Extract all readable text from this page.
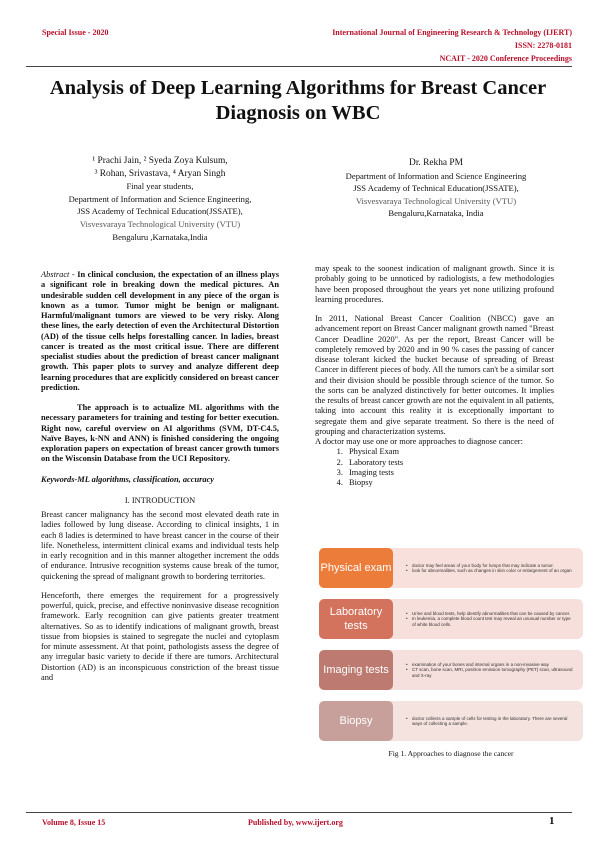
Special Issue - 2020	International Journal of Engineering Research & Technology (IJERT)
ISSN: 2278-0181
NCAIT - 2020 Conference Proceedings
Analysis of Deep Learning Algorithms for Breast Cancer Diagnosis on WBC
¹ Prachi Jain, ² Syeda Zoya Kulsum,
³ Rohan, Srivastava, ⁴ Aryan Singh
Final year students,
Department of Information and Science Engineering,
JSS Academy of Technical Education(JSSATE),
Visvesvaraya Technological University (VTU)
Bengaluru ,Karnataka,India
Dr. Rekha PM
Department of Information and Science Engineering
JSS Academy of Technical Education(JSSATE),
Visvesvaraya Technological University (VTU)
Bengaluru,Karnataka, India

Abstract - In clinical conclusion, the expectation of an illness plays a significant role in breaking down the medical pictures. An undesirable sudden cell development in any piece of the organ is known as a tumor. Tumor might be benign or malignant. Harmful/malignant tumors are viewed to be very risky. Along these lines, the early detection of even the Architectural Distortion (AD) of the tissue cells helps forestalling cancer. In ladies, breast cancer is treated as the most critical issue. There are different specialist studies about the prediction of breast cancer malignant growth. This paper plots to survey and analyze different deep learning procedures that are explicitly considered on breast cancer prediction.

The approach is to actualize ML algorithms with the necessary parameters for training and testing for better execution. Right now, careful overview on AI algorithms (SVM, DT-C4.5, Naïve Bayes, k-NN and ANN) is finished considering the ongoing exploration papers on expectation of breast cancer growth tumors on the Wisconsin Database from the UCI Repository.

Keywords-ML algorithms, classification, accuracy

I. INTRODUCTION

Breast cancer malignancy has the second most elevated death rate in ladies followed by lung disease. According to clinical insights, 1 in each 8 ladies is determined to have breast cancer in the course of their life. Nonetheless, intermittent clinical exams and individual tests help in early recognition and in this manner altogether increment the odds of endurance. Intrusive recognition systems cause break of the tumor, quickening the spread of malignant growth to bordering territories.

Henceforth, there emerges the requirement for a progressively powerful, quick, precise, and effective noninvasive disease recognition framework. Early recognition can give patients greater treatment alternatives. So as to identify indications of malignant growth, breast tissue from biopsies is stained to segregate the nuclei and cytoplasm for minute assessment. At that point, pathologists assess the degree of any irregular basic variety to decide if there are tumors. Architectural Distortion (AD) is an inconspicuous constriction of the breast tissue and

may speak to the soonest indication of malignant growth. Since it is probably going to be unnoticed by radiologists, a few methodologies have been proposed throughout the years yet none utilizing profound learning procedures.

In 2011, National Breast Cancer Coalition (NBCC) gave an advancement report on Breast Cancer malignant growth named "Breast Cancer Deadline 2020". As per the report, Breast Cancer will be completely removed by 2020 and in 90 % cases the passing of cancer disease tolerant kicked the bucket because of spreading of Breast Cancer in different pieces of body. All the tumors can't be a similar sort and their division should be possible through science of the tumor. So the sorts can be analyzed distinctively for better outcomes. It implies the results of breast cancer growth are not the equivalent in all patients, taking into account this reality it is exceptionally important to segregate them and give separate treatment. So there is the need of grouping and characterization systems.

A doctor may use one or more approaches to diagnose cancer:

1. Physical Exam
2. Laboratory tests
3. Imaging tests
4. Biopsy
Physical exam	• doctor may feel areas of your body for lumps that may indicate a tumor.
• look for abnormalities, such as changes in skin color or enlargement of an organ
Laboratory tests
• Urine and blood tests, help identify abnormalities that can be caused by cancer.
• In leukemia, a complete blood count test may reveal an unusual number or type of white blood cells.
Imaging tests	• examination of your bones and internal organs in a non-invasive way
• CT scan, bone scan, MRI, positron emission tomography (PET) scan, ultrasound and X-ray
Biopsy	• doctor collects a sample of cells for testing in the laboratory. There are several ways of collecting a sample.
Fig 1. Approaches to diagnose the cancer
Volume 8, Issue 15	Published by, www.ijert.org	1
